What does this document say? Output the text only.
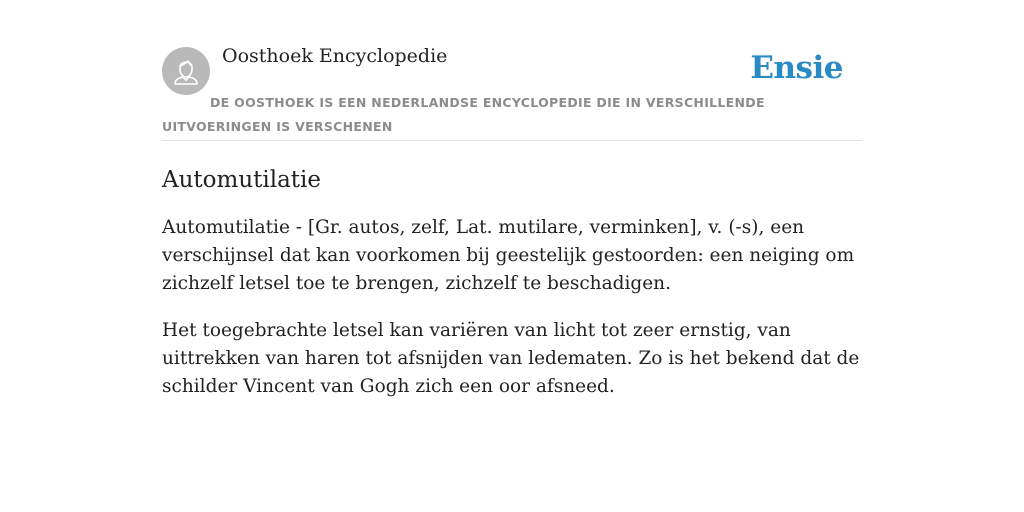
Oosthoek Encyclopedie	Ensie
DE OOSTHOEK IS EEN NEDERLANDSE ENCYCLOPEDIE DIE IN VERSCHILLENDE UITVOERINGEN IS VERSCHENEN
Automutilatie

Automutilatie - [Gr. autos, zelf, Lat. mutilare, verminken], v. (-s), een verschijnsel dat kan voorkomen bij geestelijk gestoorden: een neiging om zichzelf letsel toe te brengen, zichzelf te beschadigen.

Het toegebrachte letsel kan variëren van licht tot zeer ernstig, van uittrekken van haren tot afsnijden van ledematen. Zo is het bekend dat de schilder Vincent van Gogh zich een oor afsneed.
